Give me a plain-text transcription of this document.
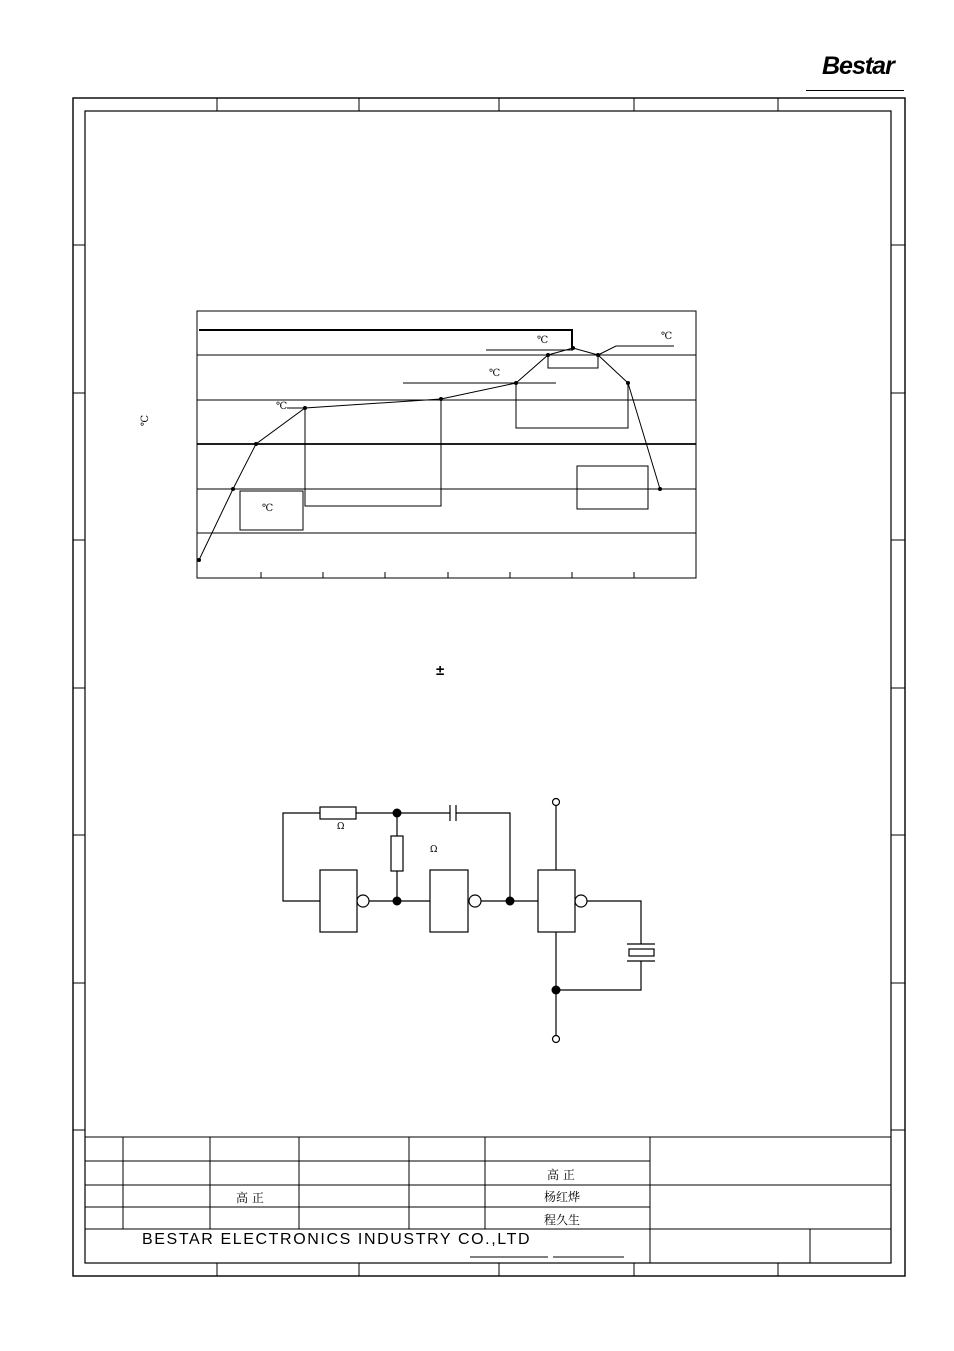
Bestar
℃
℃
℃
℃
℃	℃
±
Ω
Ω
高 正
杨红烨
程久生
高 正
BESTAR ELECTRONICS INDUSTRY CO.,LTD
